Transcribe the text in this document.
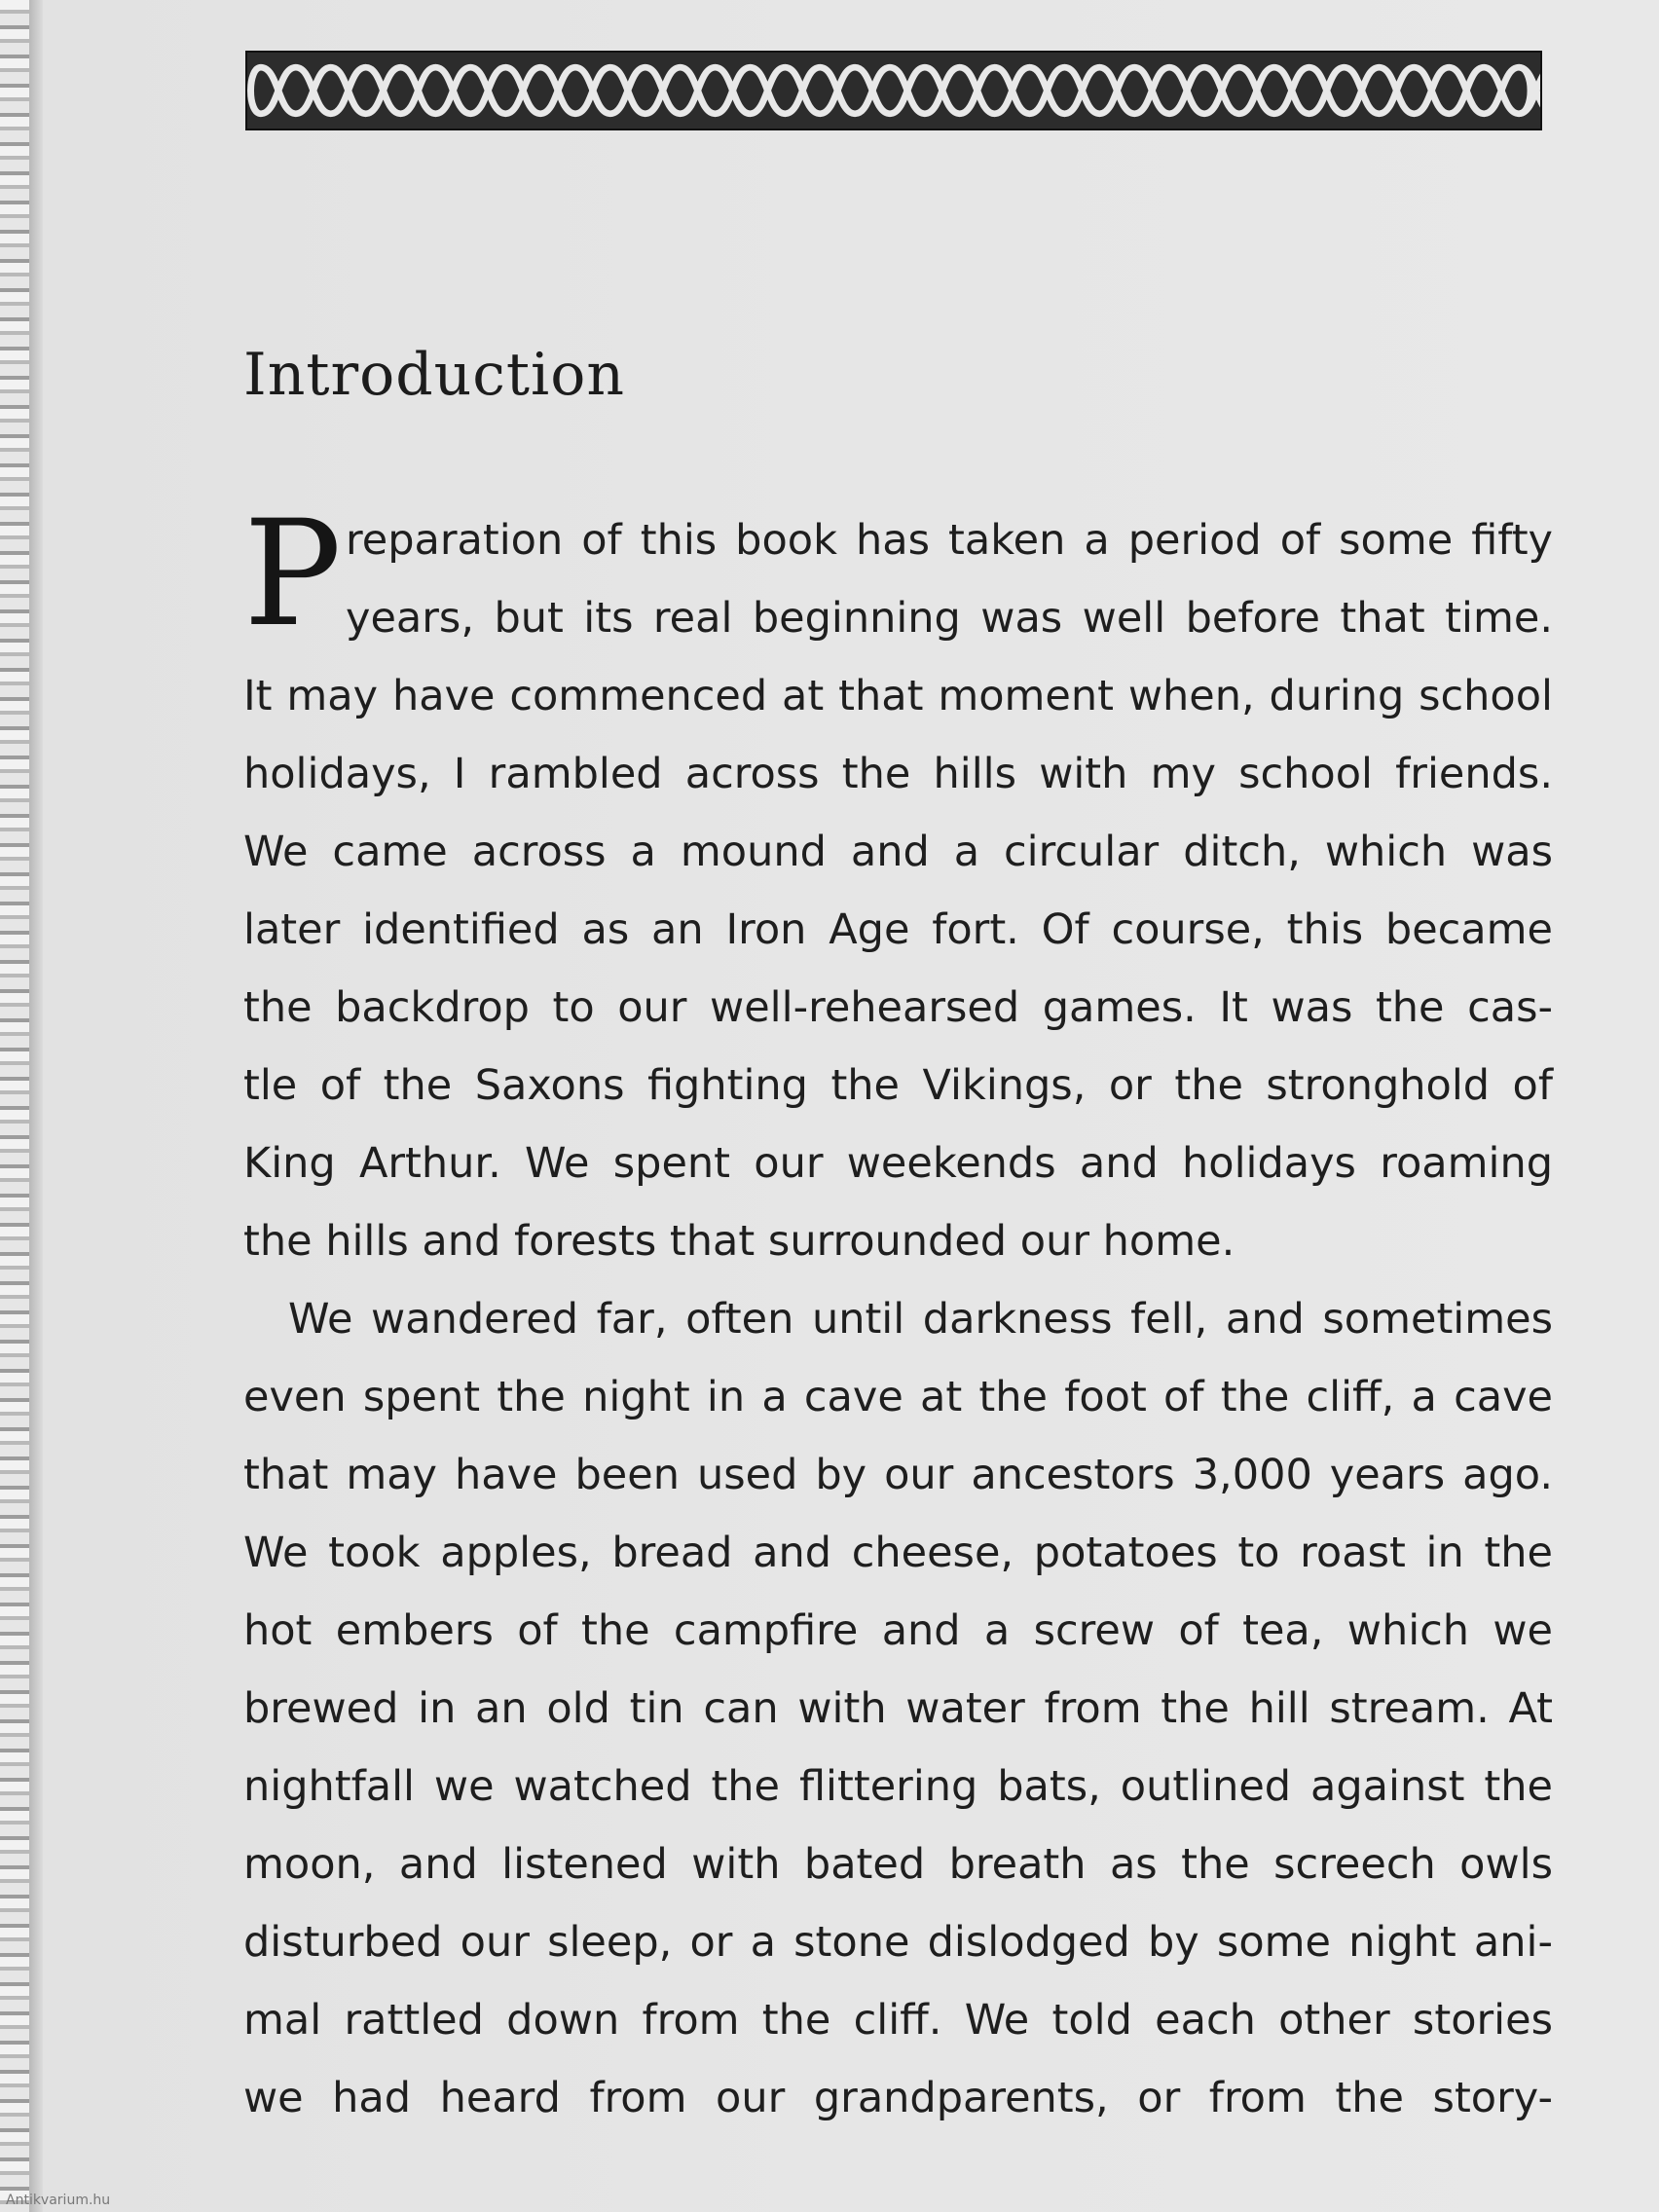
Introduction
P reparation of this book has taken a period of some fifty
years, but its real beginning was well before that time.
It may have commenced at that moment when, during school
holidays, I rambled across the hills with my school friends.
We came across a mound and a circular ditch, which was
later identified as an Iron Age fort. Of course, this became
the backdrop to our well-rehearsed games. It was the cas-
tle of the Saxons fighting the Vikings, or the stronghold of
King Arthur. We spent our weekends and holidays roaming
the hills and forests that surrounded our home.
We wandered far, often until darkness fell, and sometimes
even spent the night in a cave at the foot of the cliff, a cave
that may have been used by our ancestors 3,000 years ago.
We took apples, bread and cheese, potatoes to roast in the
hot embers of the campfire and a screw of tea, which we
brewed in an old tin can with water from the hill stream. At
nightfall we watched the flittering bats, outlined against the
moon, and listened with bated breath as the screech owls
disturbed our sleep, or a stone dislodged by some night ani-
mal rattled down from the cliff. We told each other stories
we had heard from our grandparents, or from the story-
Antikvarium.hu
